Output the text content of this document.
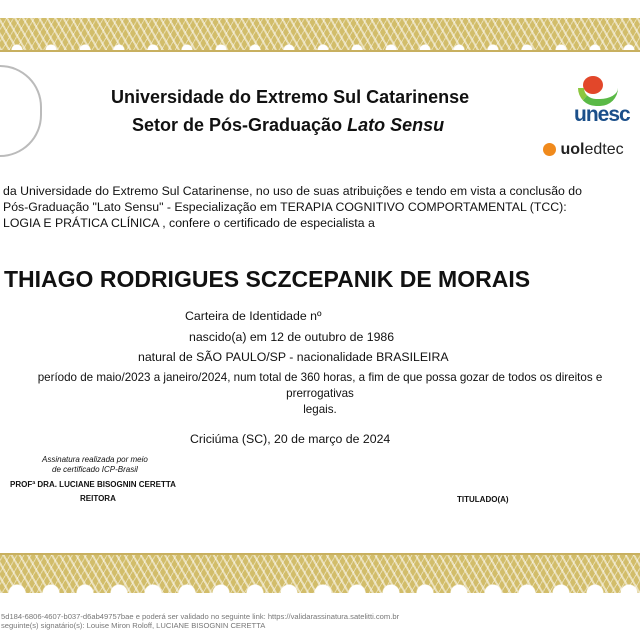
Universidade do Extremo Sul Catarinense
Setor de Pós-Graduação Lato Sensu	unesc
uoledtec
da Universidade do Extremo Sul Catarinense, no uso de suas atribuições e tendo em vista a conclusão do
Pós-Graduação "Lato Sensu" - Especialização em TERAPIA COGNITIVO COMPORTAMENTAL (TCC):
LOGIA E PRÁTICA CLÍNICA , confere o certificado de especialista a
THIAGO RODRIGUES SCZCEPANIK DE MORAIS
Carteira de Identidade nº
nascido(a) em 12 de outubro de 1986
natural de SÃO PAULO/SP - nacionalidade BRASILEIRA
período de maio/2023 a janeiro/2024, num total de 360 horas, a fim de que possa gozar de todos os direitos e prerrogativas
legais.
Criciúma (SC), 20 de março de 2024
Assinatura realizada por meio
de certificado ICP-Brasil
PROFª DRA. LUCIANE BISOGNIN CERETTA
REITORA	TITULADO(A)
5d184-6806-4607-b037-d6ab49757bae e poderá ser validado no seguinte link: https://validarassinatura.satelitti.com.br
seguinte(s) signatário(s): Louise Miron Roloff, LUCIANE BISOGNIN CERETTA
